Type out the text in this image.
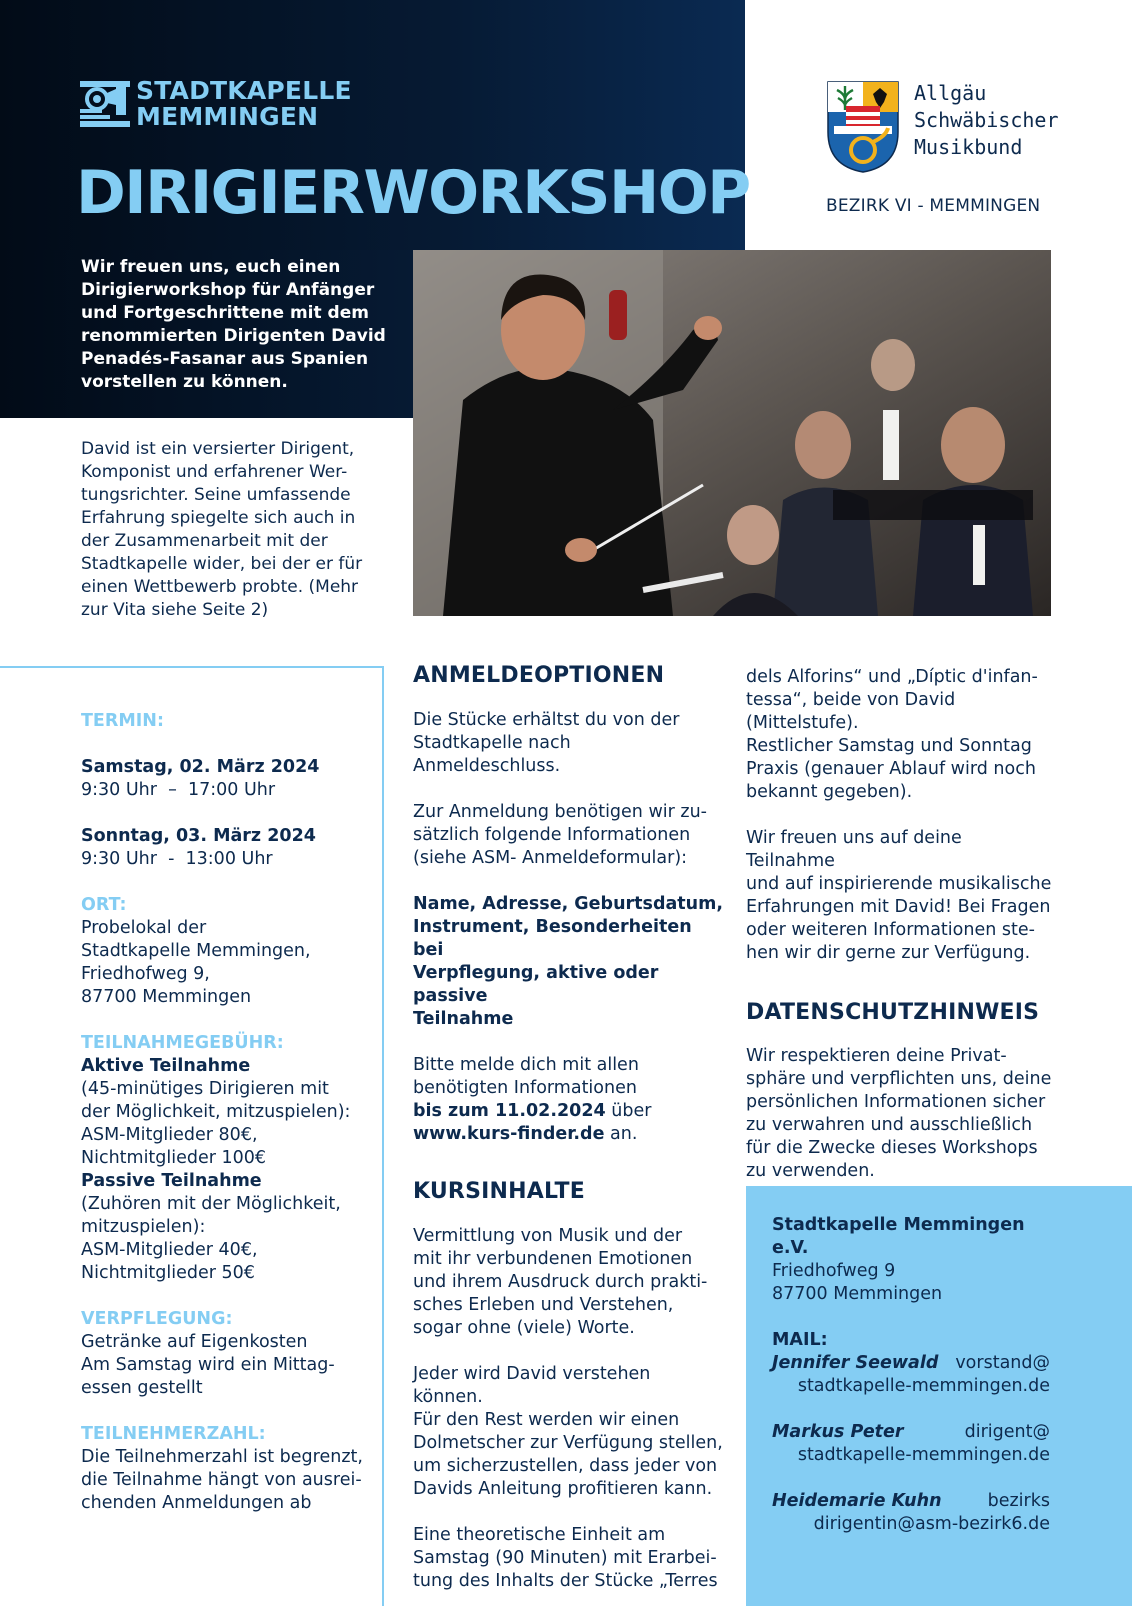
STADTKAPELLE
MEMMINGEN
DIRIGIERWORKSHOP
Allgäu
Schwäbischer
Musikbund
BEZIRK VI - MEMMINGEN
Wir freuen uns, euch einen
Dirigierworkshop für Anfänger
und Fortgeschrittene mit dem
renommierten Dirigenten David
Penadés-Fasanar aus Spanien
vorstellen zu können.
David ist ein versierter Dirigent,
Komponist und erfahrener Wer-
tungsrichter. Seine umfassende
Erfahrung spiegelte sich auch in
der Zusammenarbeit mit der
Stadtkapelle wider, bei der er für
einen Wettbewerb probte. (Mehr
zur Vita siehe Seite 2)
TERMIN:
Samstag, 02. März 2024
9:30 Uhr  –  17:00 Uhr
Sonntag, 03. März 2024
9:30 Uhr  -  13:00 Uhr
ORT:
Probelokal der
Stadtkapelle Memmingen,
Friedhofweg 9,
87700 Memmingen
TEILNAHMEGEBÜHR:
Aktive Teilnahme
(45-minütiges Dirigieren mit
der Möglichkeit, mitzuspielen):
ASM-Mitglieder 80€,
Nichtmitglieder 100€
Passive Teilnahme
(Zuhören mit der Möglichkeit,
mitzuspielen):
ASM-Mitglieder 40€,
Nichtmitglieder 50€
VERPFLEGUNG:
Getränke auf Eigenkosten
Am Samstag wird ein Mittag-
essen gestellt
TEILNEHMERZAHL:
Die Teilnehmerzahl ist begrenzt,
die Teilnahme hängt von ausrei-
chenden Anmeldungen ab
ANMELDEOPTIONEN
Die Stücke erhältst du von der
Stadtkapelle nach Anmeldeschluss.
Zur Anmeldung benötigen wir zu-
sätzlich folgende Informationen
(siehe ASM- Anmeldeformular):
Name, Adresse, Geburtsdatum,
Instrument, Besonderheiten bei
Verpflegung, aktive oder passive
Teilnahme
Bitte melde dich mit allen
benötigten Informationen
bis zum 11.02.2024 über
www.kurs-finder.de an.
KURSINHALTE
Vermittlung von Musik und der
mit ihr verbundenen Emotionen
und ihrem Ausdruck durch prakti-
sches Erleben und Verstehen,
sogar ohne (viele) Worte.
Jeder wird David verstehen können.
Für den Rest werden wir einen
Dolmetscher zur Verfügung stellen,
um sicherzustellen, dass jeder von
Davids Anleitung profitieren kann.
Eine theoretische Einheit am
Samstag (90 Minuten) mit Erarbei-
tung des Inhalts der Stücke „Terres
dels Alforins“ und „Díptic d'infan-
tessa“, beide von David (Mittelstufe).
Restlicher Samstag und Sonntag
Praxis (genauer Ablauf wird noch
bekannt gegeben).
Wir freuen uns auf deine Teilnahme
und auf inspirierende musikalische
Erfahrungen mit David! Bei Fragen
oder weiteren Informationen ste-
hen wir dir gerne zur Verfügung.
DATENSCHUTZHINWEIS
Wir respektieren deine Privat-
sphäre und verpflichten uns, deine
persönlichen Informationen sicher
zu verwahren und ausschließlich
für die Zwecke dieses Workshops
zu verwenden.
Stadtkapelle Memmingen e.V.
Friedhofweg 9
87700 Memmingen
MAIL:
Jennifer Seewald vorstand@
stadtkapelle-memmingen.de
Markus Peter	dirigent@
stadtkapelle-memmingen.de
Heidemarie Kuhn	bezirks
dirigentin@asm-bezirk6.de
